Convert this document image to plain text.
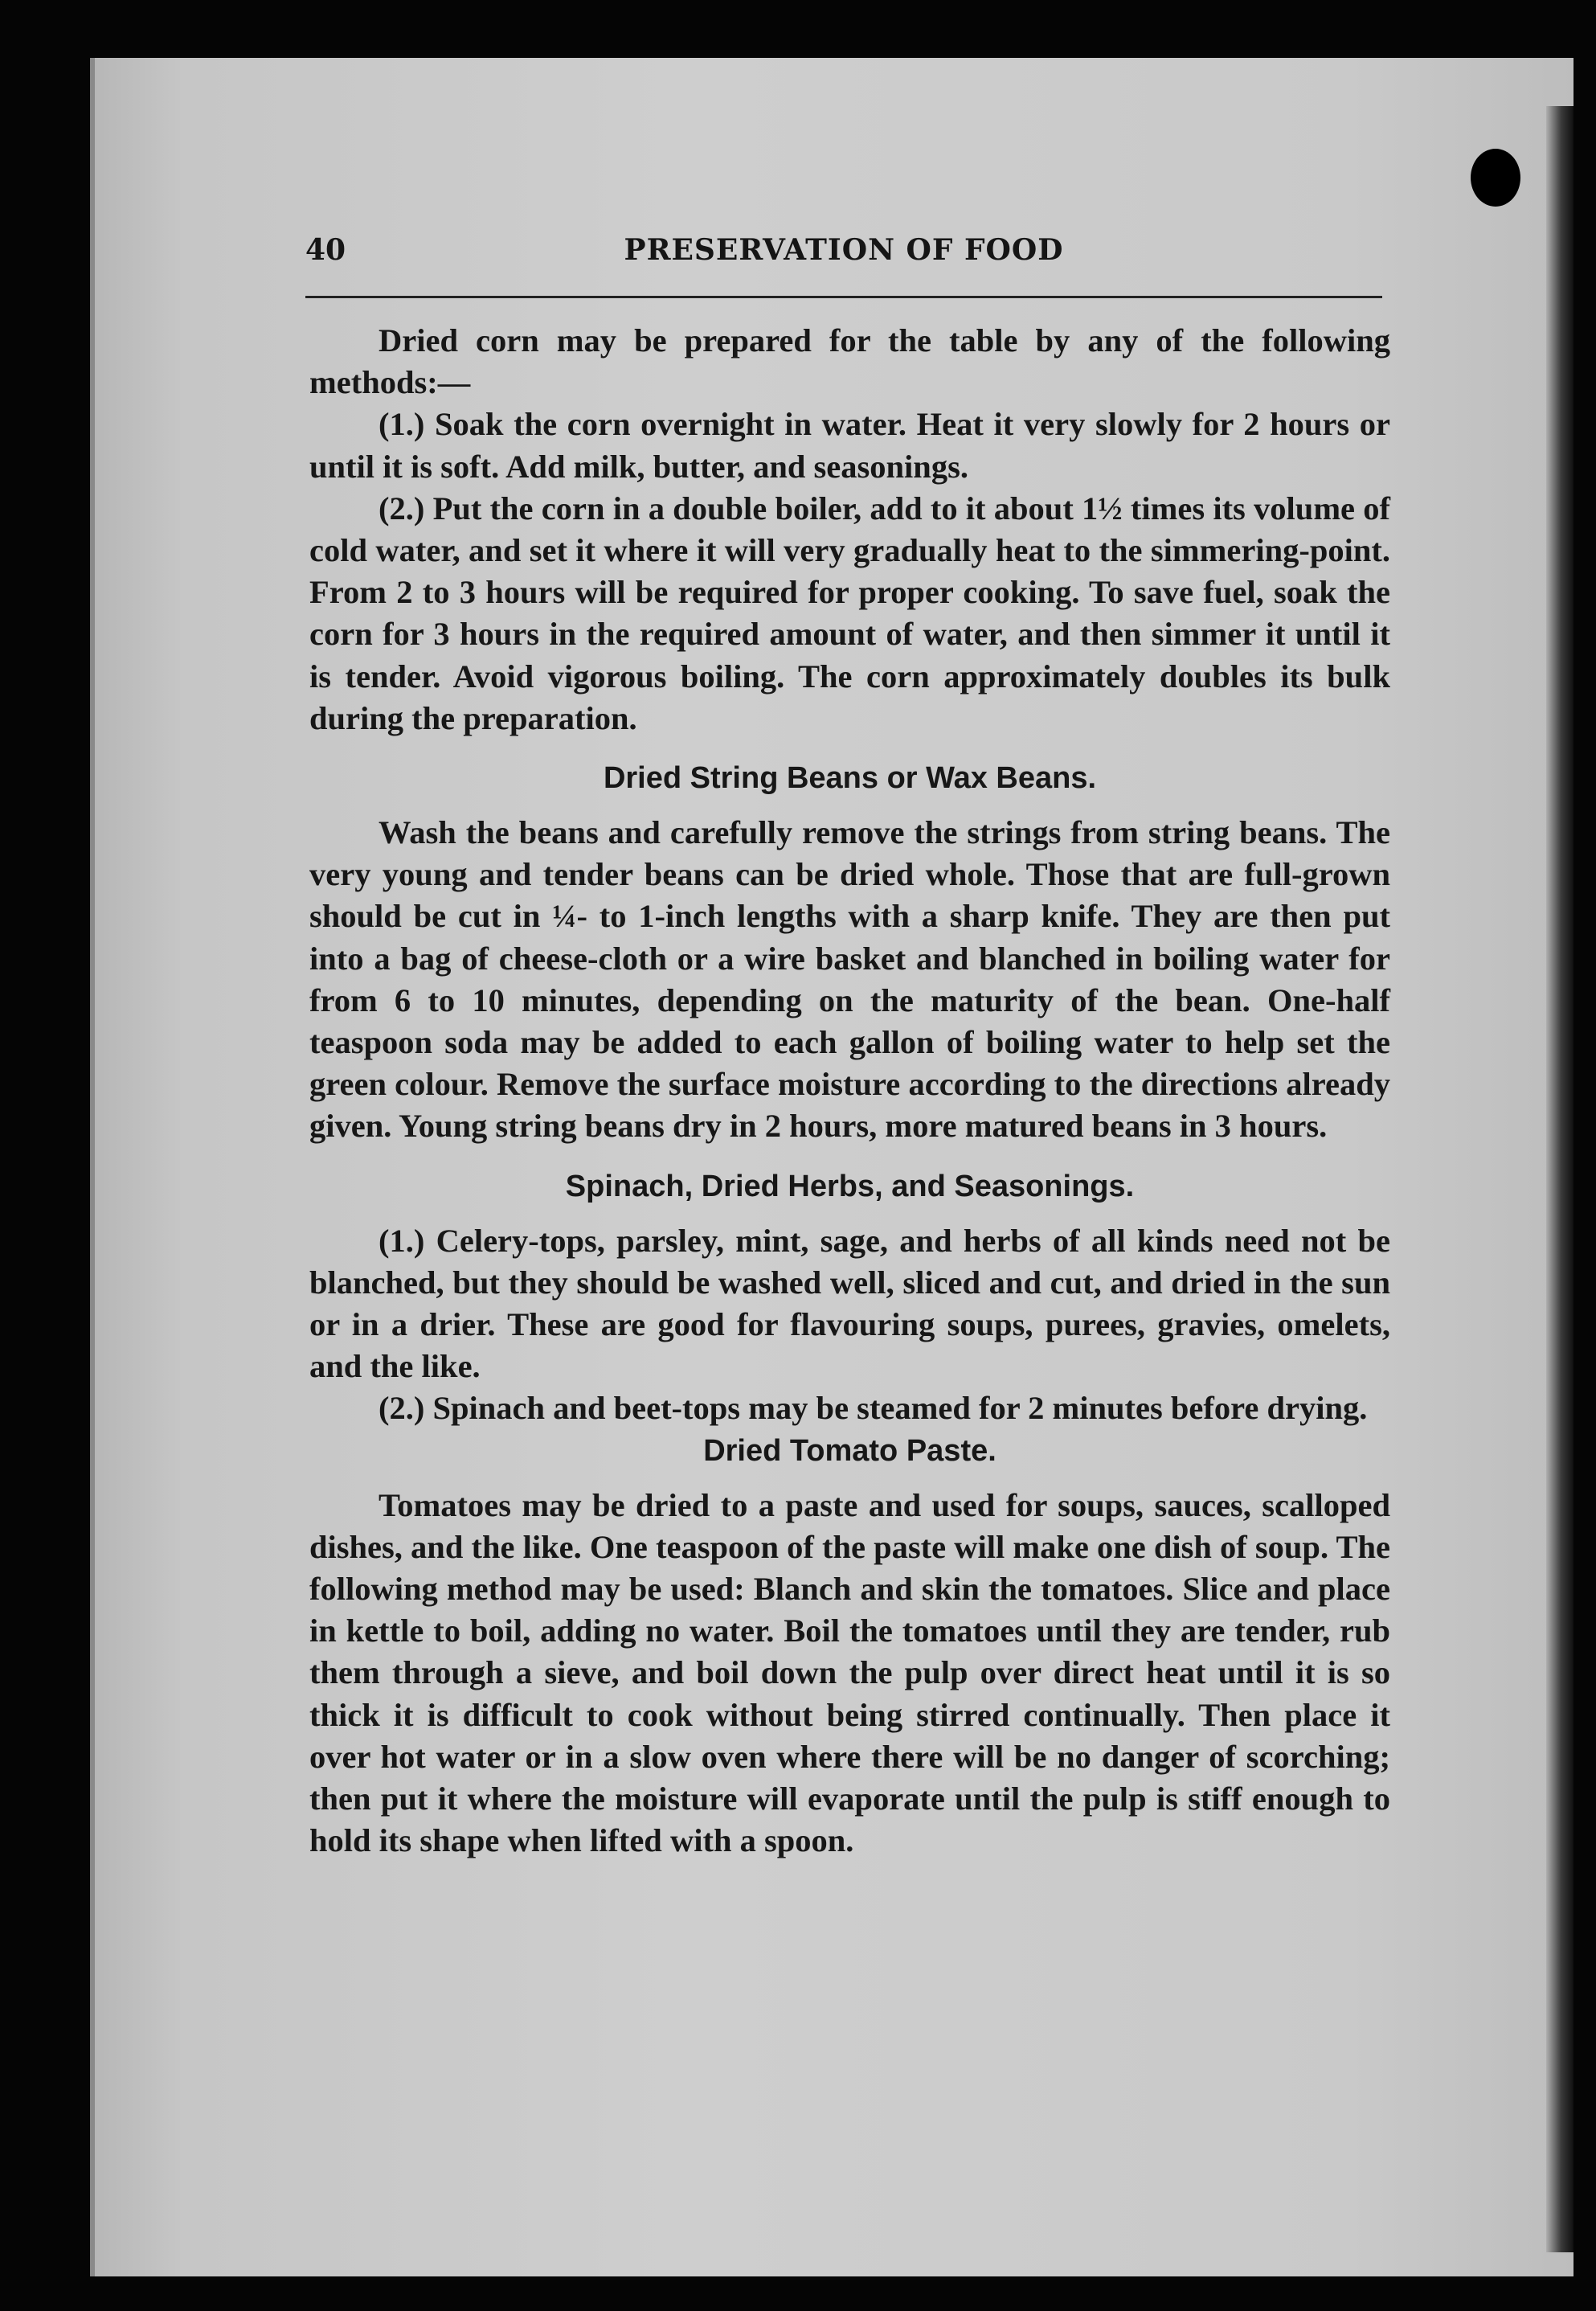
40	PRESERVATION OF FOOD

Dried corn may be prepared for the table by any of the following methods:—

(1.) Soak the corn overnight in water. Heat it very slowly for 2 hours or until it is soft. Add milk, butter, and seasonings.

(2.) Put the corn in a double boiler, add to it about 1½ times its volume of cold water, and set it where it will very gradually heat to the simmering-point. From 2 to 3 hours will be required for proper cooking. To save fuel, soak the corn for 3 hours in the required amount of water, and then simmer it until it is tender. Avoid vigorous boiling. The corn approximately doubles its bulk during the preparation.

Dried String Beans or Wax Beans.

Wash the beans and carefully remove the strings from string beans. The very young and tender beans can be dried whole. Those that are full-grown should be cut in ¼- to 1-inch lengths with a sharp knife. They are then put into a bag of cheese-cloth or a wire basket and blanched in boiling water for from 6 to 10 minutes, depending on the maturity of the bean. One-half teaspoon soda may be added to each gallon of boiling water to help set the green colour. Remove the surface moisture according to the directions already given. Young string beans dry in 2 hours, more matured beans in 3 hours.

Spinach, Dried Herbs, and Seasonings.

(1.) Celery-tops, parsley, mint, sage, and herbs of all kinds need not be blanched, but they should be washed well, sliced and cut, and dried in the sun or in a drier. These are good for flavouring soups, purees, gravies, omelets, and the like.

(2.) Spinach and beet-tops may be steamed for 2 minutes before drying.

Dried Tomato Paste.

Tomatoes may be dried to a paste and used for soups, sauces, scalloped dishes, and the like. One teaspoon of the paste will make one dish of soup. The following method may be used: Blanch and skin the tomatoes. Slice and place in kettle to boil, adding no water. Boil the tomatoes until they are tender, rub them through a sieve, and boil down the pulp over direct heat until it is so thick it is difficult to cook without being stirred continually. Then place it over hot water or in a slow oven where there will be no danger of scorching; then put it where the moisture will evaporate until the pulp is stiff enough to hold its shape when lifted with a spoon.
